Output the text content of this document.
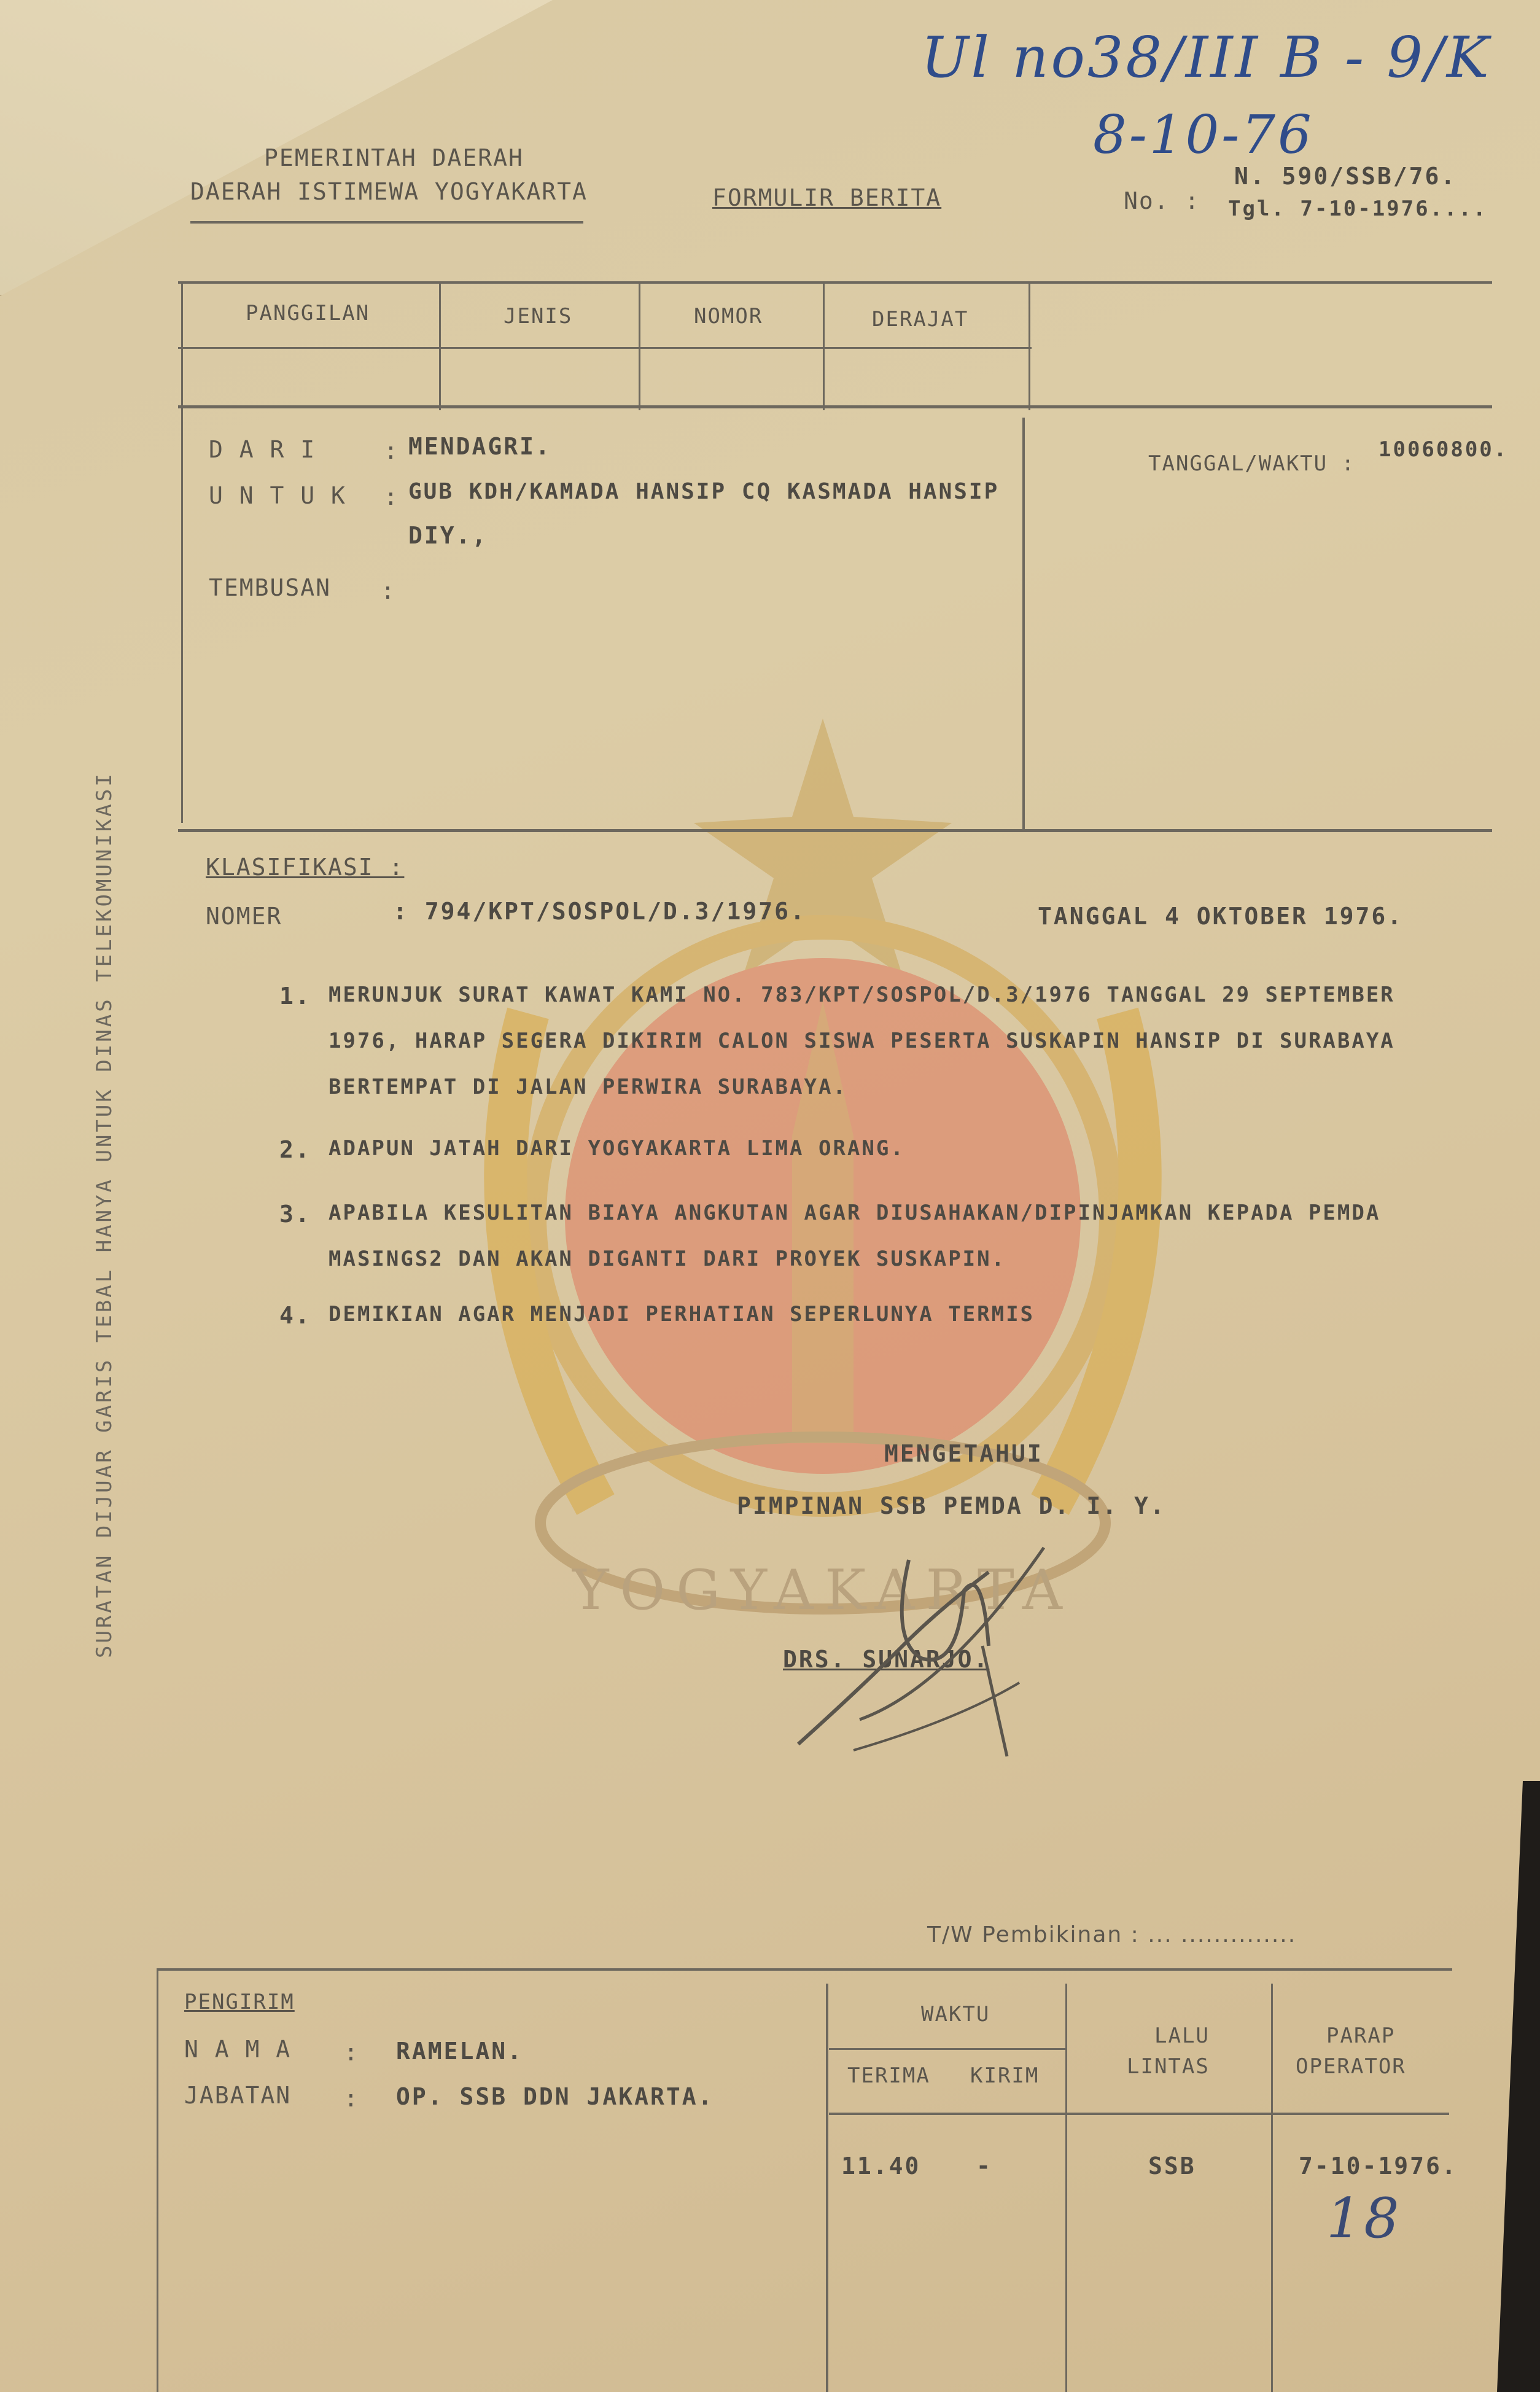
YOGYAKARTA
Ul no38/III B - 9/K
8-10-76
PEMERINTAH DAERAH
DAERAH ISTIMEWA YOGYAKARTA	FORMULIR BERITA	No. :
N. 590/SSB/76.
Tgl. 7-10-1976....
PANGGILAN	JENIS	NOMOR	DERAJAT
D A R I	: MENDAGRI.
U N T U K : GUB KDH/KAMADA HANSIP CQ KASMADA HANSIP
DIY.,
TEMBUSAN :
TANGGAL/WAKTU :
10060800.
KLASIFIKASI :
NOMER	: 794/KPT/SOSPOL/D.3/1976.	TANGGAL 4 OKTOBER 1976.
1. MERUNJUK SURAT KAWAT KAMI NO. 783/KPT/SOSPOL/D.3/1976 TANGGAL 29 SEPTEMBER
1976, HARAP SEGERA DIKIRIM CALON SISWA PESERTA SUSKAPIN HANSIP DI SURABAYA
BERTEMPAT DI JALAN PERWIRA SURABAYA.
2. ADAPUN JATAH DARI YOGYAKARTA LIMA ORANG.
3. APABILA KESULITAN BIAYA ANGKUTAN AGAR DIUSAHAKAN/DIPINJAMKAN KEPADA PEMDA
MASINGS2 DAN AKAN DIGANTI DARI PROYEK SUSKAPIN.
4. DEMIKIAN AGAR MENJADI PERHATIAN SEPERLUNYA TERMIS
MENGETAHUI
PIMPINAN SSB PEMDA D. I. Y.
DRS. SUNARJO.
SURATAN DIJUAR GARIS TEBAL HANYA UNTUK DINAS TELEKOMUNIKASI
T/W Pembikinan : ... ..............
PENGIRIM
N A M A : RAMELAN.
JABATAN : OP. SSB DDN JAKARTA.
WAKTU
TERIMA KIRIM
LALU
LINTAS
PARAP
OPERATOR
11.40 -	SSB	7-10-1976.
18
